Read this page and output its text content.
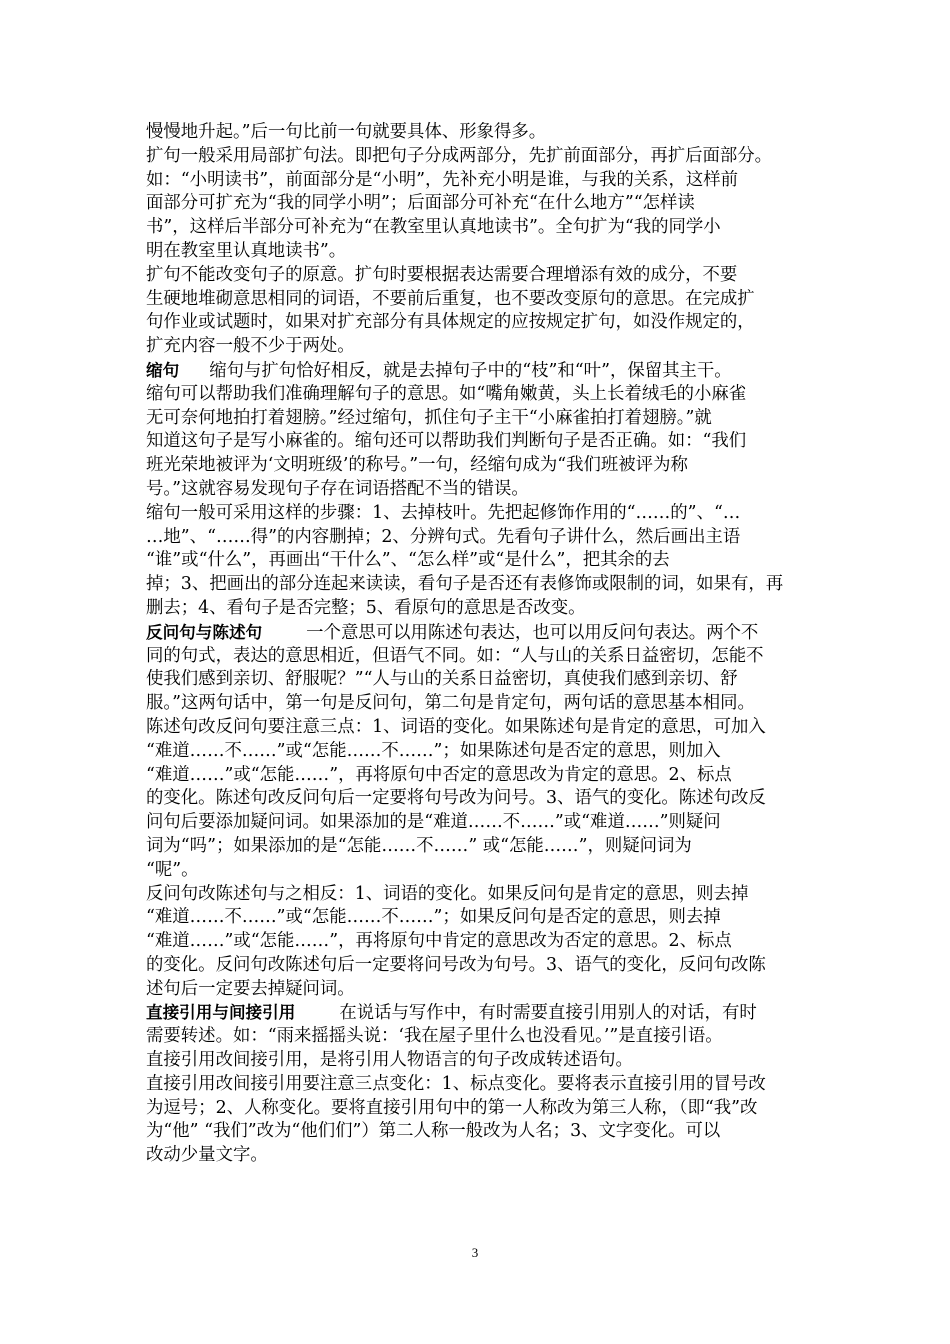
慢慢地升起。”后一句比前一句就要具体、形象得多。
扩句一般采用局部扩句法。即把句子分成两部分，先扩前面部分，再扩后面部分。
如：“小明读书”，前面部分是“小明”，先补充小明是谁，与我的关系，这样前
面部分可扩充为“我的同学小明”；后面部分可补充“在什么地方”“怎样读
书”，这样后半部分可补充为“在教室里认真地读书”。全句扩为“我的同学小
明在教室里认真地读书”。
扩句不能改变句子的原意。扩句时要根据表达需要合理增添有效的成分，不要
生硬地堆砌意思相同的词语，不要前后重复，也不要改变原句的意思。在完成扩
句作业或试题时，如果对扩充部分有具体规定的应按规定扩句，如没作规定的，
扩充内容一般不少于两处。
缩句 缩句与扩句恰好相反，就是去掉句子中的“枝”和“叶”，保留其主干。
缩句可以帮助我们准确理解句子的意思。如“嘴角嫩黄，头上长着绒毛的小麻雀
无可奈何地拍打着翅膀。”经过缩句，抓住句子主干“小麻雀拍打着翅膀。”就
知道这句子是写小麻雀的。缩句还可以帮助我们判断句子是否正确。如：“我们
班光荣地被评为‘文明班级’的称号。”一句，经缩句成为“我们班被评为称
号。”这就容易发现句子存在词语搭配不当的错误。
缩句一般可采用这样的步骤：1、去掉枝叶。先把起修饰作用的“……的”、“…
…地”、“……得”的内容删掉；2、分辨句式。先看句子讲什么，然后画出主语
“谁”或“什么”，再画出“干什么”、“怎么样”或“是什么”，把其余的去
掉；3、把画出的部分连起来读读，看句子是否还有表修饰或限制的词，如果有，再
删去；4、看句子是否完整；5、看原句的意思是否改变。
反问句与陈述句	一个意思可以用陈述句表达，也可以用反问句表达。两个不
同的句式，表达的意思相近，但语气不同。如：“人与山的关系日益密切，怎能不
使我们感到亲切、舒服呢？”“人与山的关系日益密切，真使我们感到亲切、舒
服。”这两句话中，第一句是反问句，第二句是肯定句，两句话的意思基本相同。
陈述句改反问句要注意三点：1、词语的变化。如果陈述句是肯定的意思，可加入
“难道……不……”或“怎能……不……”；如果陈述句是否定的意思，则加入
“难道……”或“怎能……”，再将原句中否定的意思改为肯定的意思。2、标点
的变化。陈述句改反问句后一定要将句号改为问号。3、语气的变化。陈述句改反
问句后要添加疑问词。如果添加的是“难道……不……”或“难道……”则疑问
词为“吗”；如果添加的是“怎能……不……” 或“怎能……”，则疑问词为
“呢”。
反问句改陈述句与之相反：1、词语的变化。如果反问句是肯定的意思，则去掉
“难道……不……”或“怎能……不……”；如果反问句是否定的意思，则去掉
“难道……”或“怎能……”，再将原句中肯定的意思改为否定的意思。2、标点
的变化。反问句改陈述句后一定要将问号改为句号。3、语气的变化，反问句改陈
述句后一定要去掉疑问词。
直接引用与间接引用	在说话与写作中，有时需要直接引用别人的对话，有时
需要转述。如：“雨来摇摇头说：‘我在屋子里什么也没看见。’”是直接引语。
直接引用改间接引用，是将引用人物语言的句子改成转述语句。
直接引用改间接引用要注意三点变化：1、标点变化。要将表示直接引用的冒号改
为逗号；2、人称变化。要将直接引用句中的第一人称改为第三人称，（即“我”改
为“他” “我们”改为“他们们”）第二人称一般改为人名；3、文字变化。可以
改动少量文字。
3
